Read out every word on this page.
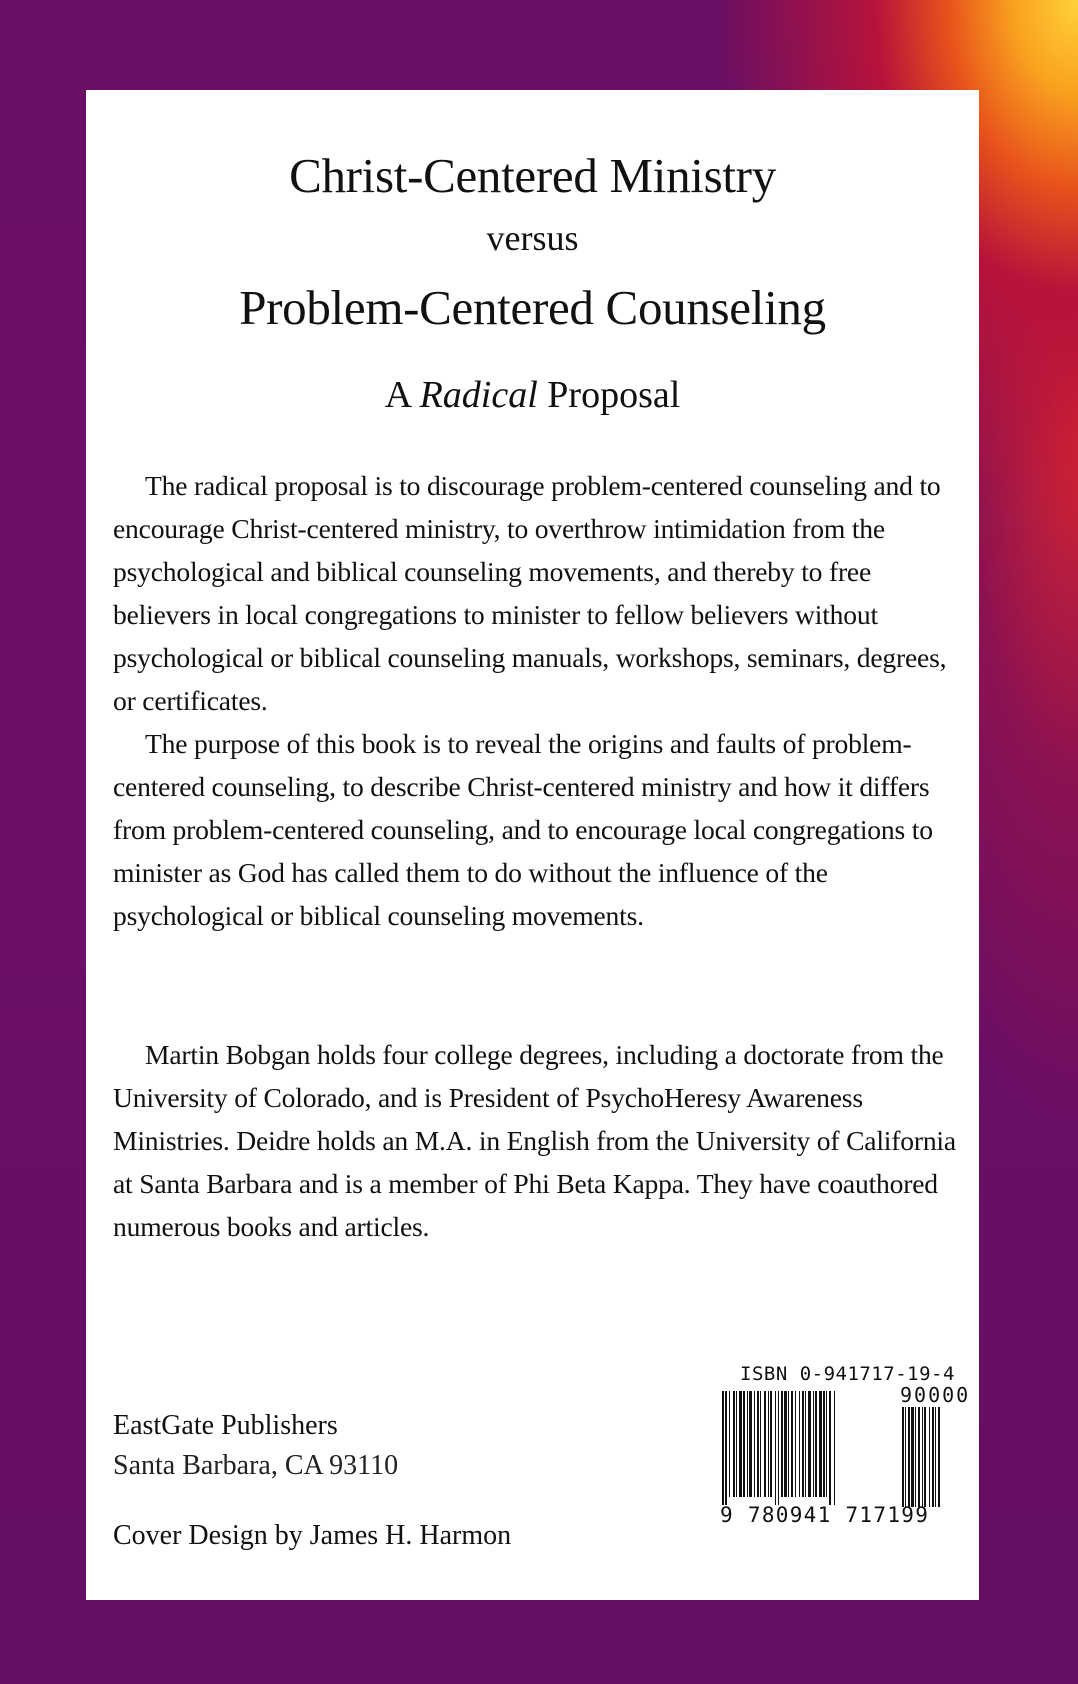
Christ-Centered Ministry
versus
Problem-Centered Counseling
A Radical Proposal

The radical proposal is to discourage problem-centered counseling and to encourage Christ-centered ministry, to overthrow intimidation from the psychological and biblical counseling movements, and thereby to free believers in local congregations to minister to fellow believers without psychological or biblical counseling manuals, workshops, seminars, degrees, or certificates.

The purpose of this book is to reveal the origins and faults of problem-centered counseling, to describe Christ-centered ministry and how it differs from problem-centered counseling, and to encourage local congregations to minister as God has called them to do without the influence of the psychological or biblical counseling movements.

Martin Bobgan holds four college degrees, including a doctorate from the University of Colorado, and is President of PsychoHeresy Awareness Ministries. Deidre holds an M.A. in English from the University of California at Santa Barbara and is a member of Phi Beta Kappa. They have coauthored numerous books and articles.

EastGate Publishers
Santa Barbara, CA 93110
Cover Design by James H. Harmon
ISBN 0-941717-19-4
90000
9 780941 717199
